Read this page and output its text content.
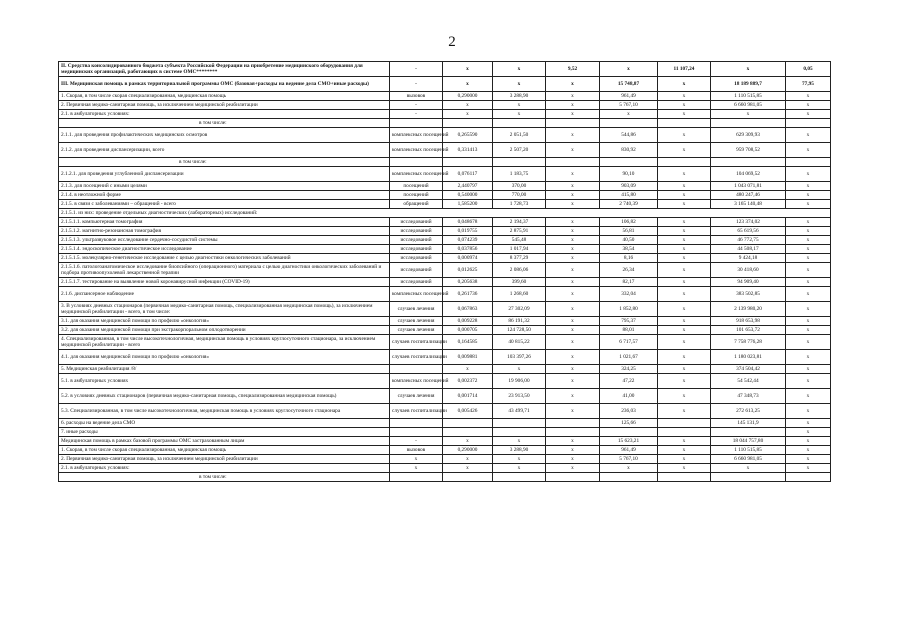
2
II. Средства консолидированного бюджета субъекта Российской Федерации на приобретение медицинского оборудования для медицинских организаций, работающих в системе ОМС********	-	x	x	9,52	x	11 107,24	x	0,05
III. Медицинская помощь в рамках территориальной программы ОМС (базовая+расходы на ведение дела СМО+иные расходы)	-	x	x	x	15 748,87	x	18 189 889,7	77,95
1. Скорая, в том числе скорая специализированная, медицинская помощь	вызовов	0,290000	3 288,90	x	961,49	x	1 110 515,85	x
2. Первичная медико-санитарная помощь, за исключением медицинской реабилитации	-	x	x	x	5 767,10	x	6 660 981,05	x
2.1. в амбулаторных условиях:	-	x	x	x	x	x	x	x
в том числе:								
2.1.1. для проведения профилактических медицинских осмотров	комплексных посещений	0,265590	2 051,50	x	544,86	x	629 309,93	x
2.1.2. для проведения диспансеризации, всего	комплексных посещений	0,331413	2 507,20	x	830,92	x	959 708,52	x
в том числе:								
2.1.2.1. для проведения углубленной диспансеризации	комплексных посещений	0,076117	1 183,75	x	90,10	x	104 069,52	x
2.1.3. для посещений с иными целями	посещений	2,440797	370,00	x	903,09	x	1 043 071,81	x
2.1.4. в неотложной форме	посещений	0,540000	770,00	x	415,80	x	480 247,46	x
2.1.5. в связи с заболеваниями – обращений - всего	обращений	1,585200	1 728,73	x	2 740,39	x	3 165 140,48	x
2.1.5.1. из них: проведение отдельных диагностических (лабораторных) исследований:								
2.1.5.1.1. компьютерная томография	исследований	0,048678	2 194,37	x	106,82	x	123 374,02	x
2.1.5.1.2. магнитно-резонансная томография	исследований	0,019755	2 875,91	x	56,81	x	65 619,56	x
2.1.5.1.3. ультразвуковое исследование сердечно-сосудистой системы	исследований	0,074239	545,48	x	40,50	x	46 772,75	x
2.1.5.1.4. эндоскопическое диагностическое исследование	исследований	0,037856	1 017,94	x	38,54	x	44 508,17	x
2.1.5.1.5. молекулярно-генетическое исследование с целью диагностики онкологических заболеваний	исследований	0,000974	8 377,29	x	8,16	x	9 424,18	x
2.1.5.1.6. патологоанатомическое исследование биопсийного (операционного) материала с целью диагностики онкологических заболеваний и подбора противоопухолевой лекарственной терапии	исследований	0,012625	2 086,06	x	26,34	x	30 418,60	x
2.1.5.1.7. тестирование на выявление новой коронавирусной инфекции (COVID-19)	исследований	0,205638	399,60	x	82,17	x	94 909,40	x
2.1.6. диспансерное наблюдение	комплексных посещений	0,261736	1 268,60	x	332,04	x	383 502,85	x
3. В условиях дневных стационаров (первичная медико-санитарная помощь, специализированная медицинская помощь), за исключением медицинской реабилитации - всего, в том числе:	случаев лечения	0,067863	27 302,09	x	1 852,80	x	2 139 980,20	x
3.1. для оказания медицинской помощи по профилю «онкология»	случаев лечения	0,009228	86 191,32	x	795,37	x	918 653,98	x
3.2. для оказания медицинской помощи при экстракорпоральном оплодотворении	случаев лечения	0,000705	124 728,50	x	88,01	x	101 653,72	x
4. Специализированная, в том числе высокотехнологичная, медицинская помощь в условиях круглосуточного стационара, за исключением медицинской реабилитации - всего	случаев госпитализации	0,164585	40 815,22	x	6 717,57	x	7 758 776,28	x
4.1. для оказания медицинской помощи по профилю «онкология»	случаев госпитализации	0,009881	103 397,26	x	1 021,67	x	1 180 023,81	x
5. Медицинская реабилитация /8/		x	x	x	324,25	x	374 504,42	x
5.1. в амбулаторных условиях	комплексных посещений	0,002372	19 906,00	x	47,22	x	54 542,44	x
5.2. в условиях дневных стационаров (первичная медико-санитарная помощь, специализированная медицинская помощь)	случаев лечения	0,001714	23 913,50	x	41,00	x	47 348,73	x
5.3. Специализированная, в том числе высокотехнологичная, медицинская помощь в условиях круглосуточного стационара	случаев госпитализации	0,005426	43 499,71	x	236,03	x	272 613,25	x
6. расходы на ведение дела СМО					125,66		145 131,9	x
7. иные расходы								x
Медицинская помощь в рамках базовой программы ОМС застрахованным лицам	-	x	x	x	15 623,21	x	18 044 757,80	x
1. Скорая, в том числе скорая специализированная, медицинская помощь	вызовов	0,290000	3 288,90	x	961,49	x	1 110 515,85	x
2. Первичная медико-санитарная помощь, за исключением медицинской реабилитации	x	x	x	x	5 767,10	x	6 660 981,05	x
2.1. в амбулаторных условиях:	x	x	x	x	x	x	x	x
в том числе:								
